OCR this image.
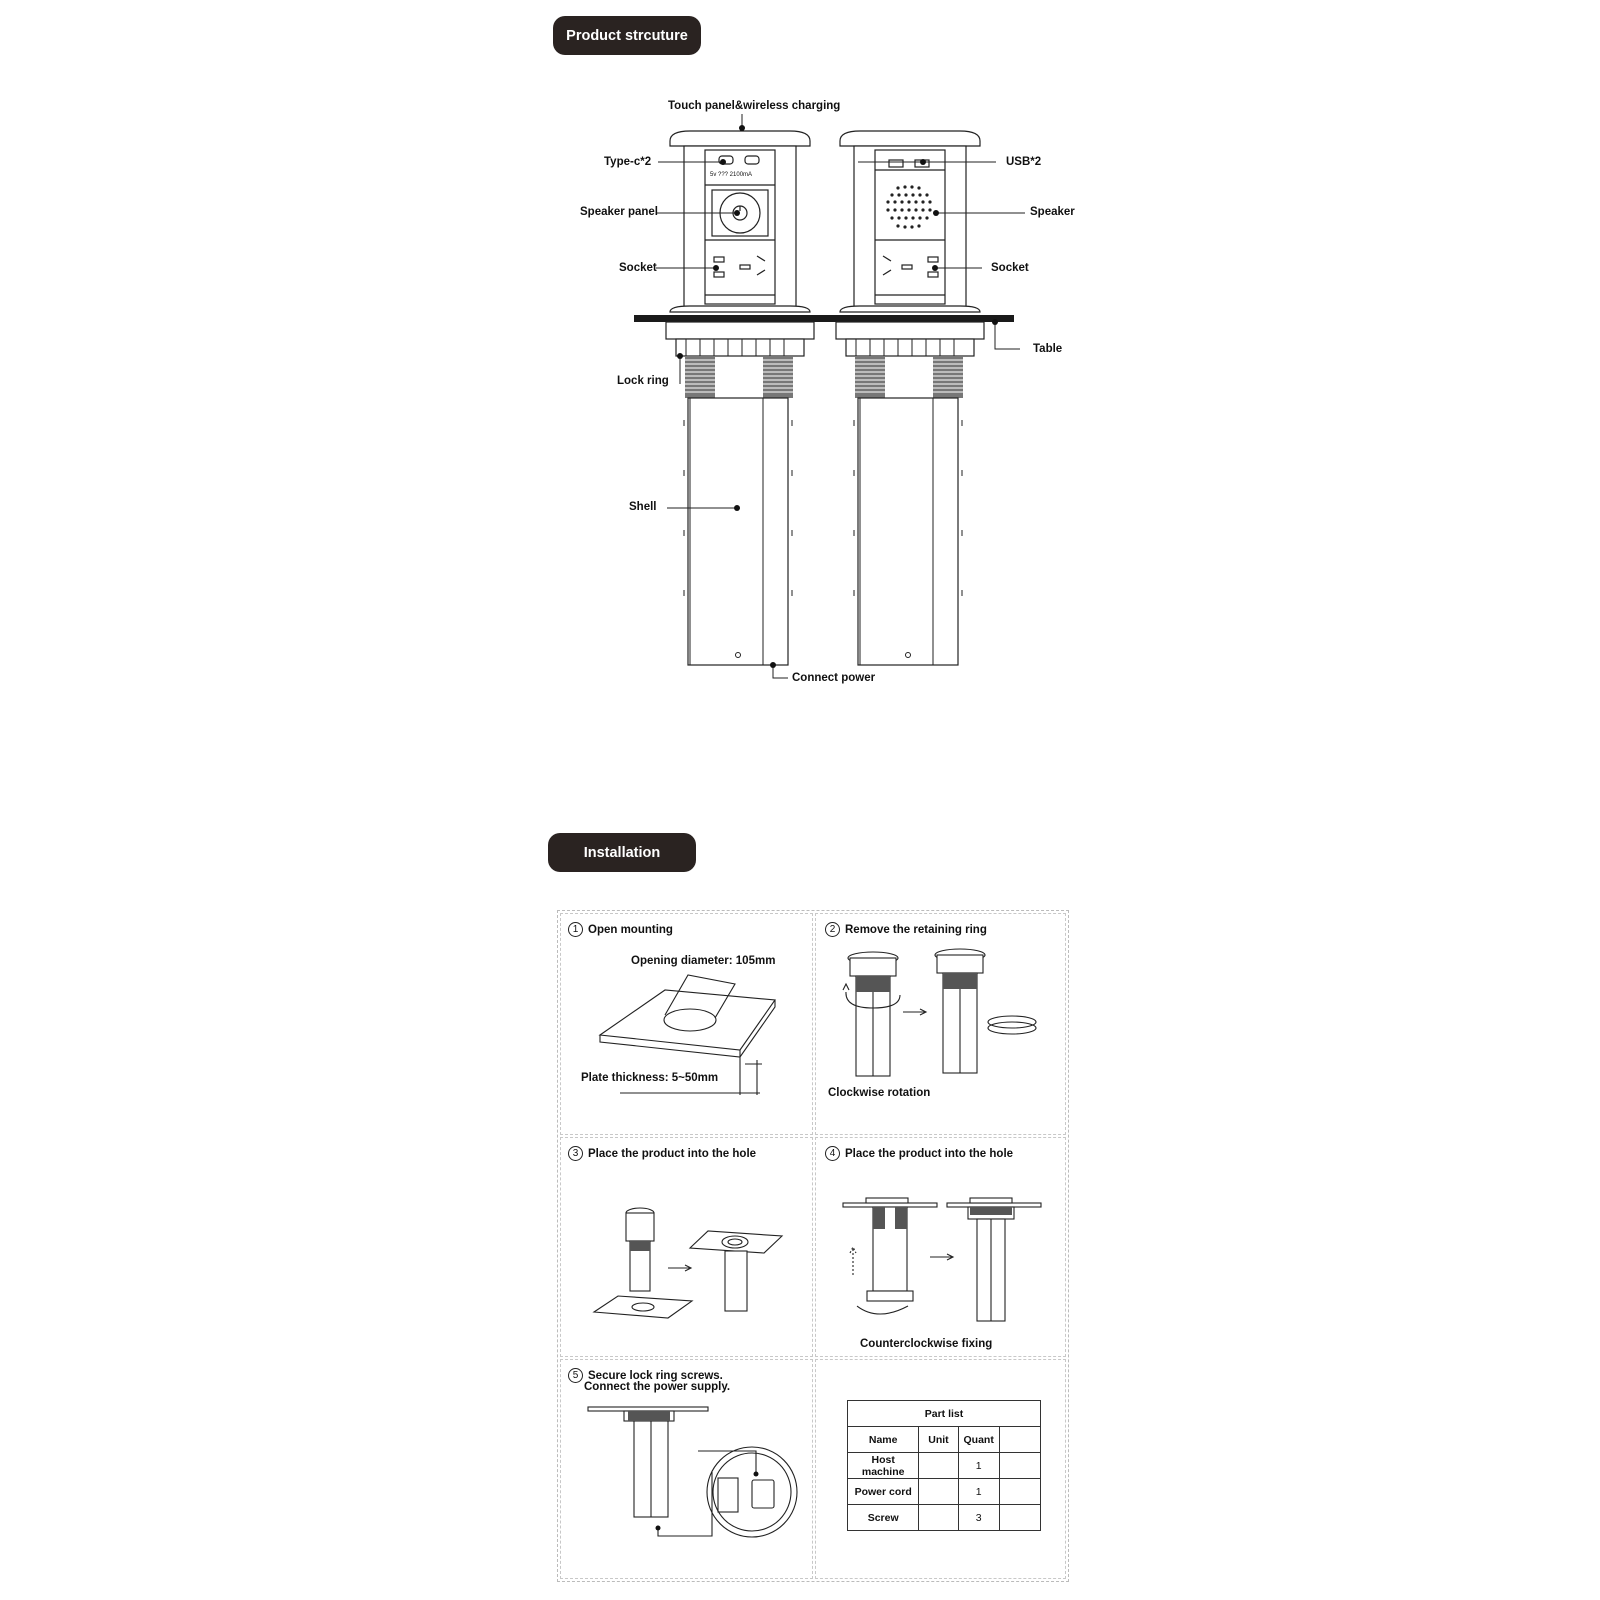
Product strcuture
Installation
Touch panel&wireless charging
Type-c*2
5v ??? 2100mA
Speaker panel
Socket
USB*2
Speaker
Socket
Table
Lock ring
Shell
Connect power
1 Open mounting	2 Remove the retaining ring
3 Place the product into the hole	4 Place the product into the hole
5 Secure lock ring screws.
Connect the power supply.
Opening diameter: 105mm
Plate thickness: 5~50mm
Clockwise rotation
Counterclockwise fixing
Part list			
Name	Unit	Quant	
Host machine		1	
Power cord		1	
Screw		3	
